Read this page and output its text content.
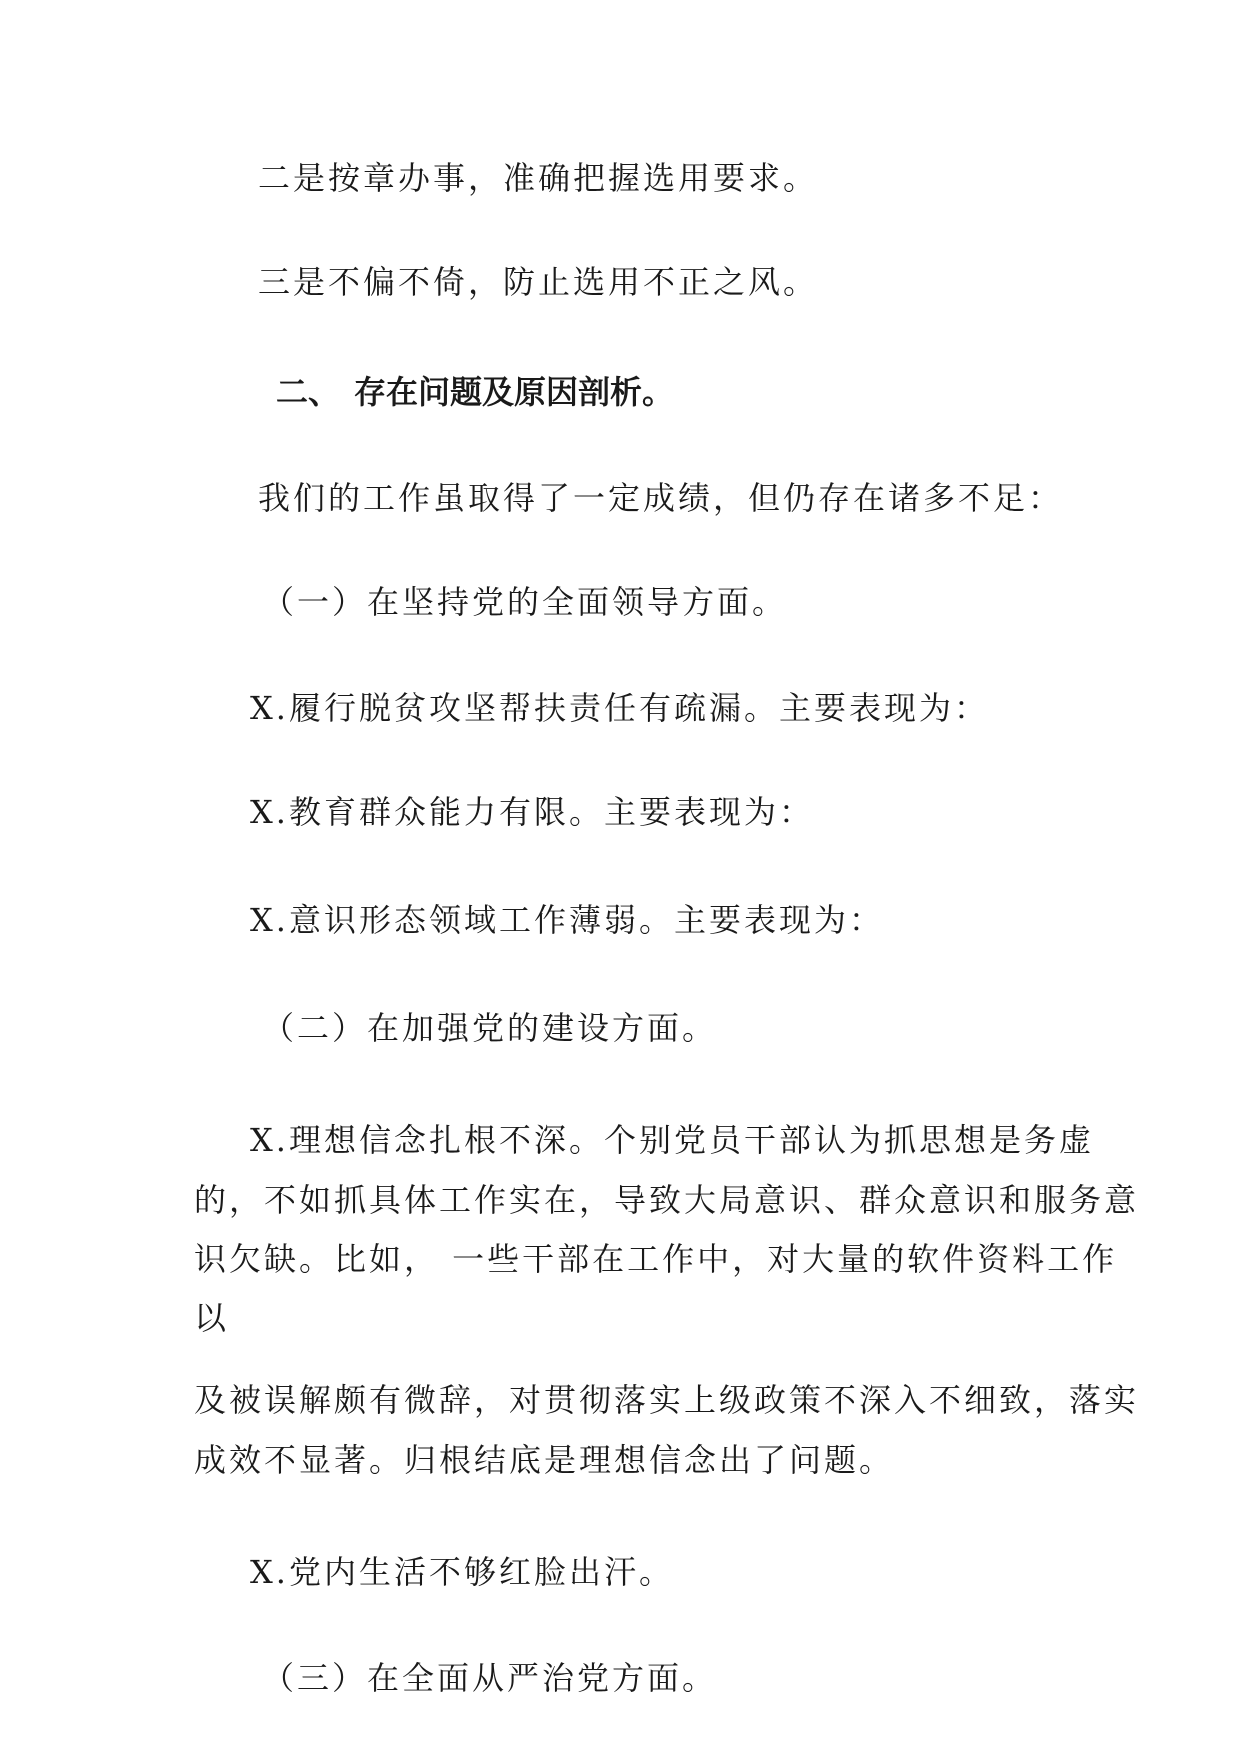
二是按章办事，准确把握选用要求。
三是不偏不倚，防止选用不正之风。
二、 存在问题及原因剖析。
我们的工作虽取得了一定成绩，但仍存在诸多不足：
（一）在坚持党的全面领导方面。
X.履行脱贫攻坚帮扶责任有疏漏。主要表现为：
X.教育群众能力有限。主要表现为：
X.意识形态领域工作薄弱。主要表现为：
（二）在加强党的建设方面。
X.理想信念扎根不深。个别党员干部认为抓思想是务虚
的，不如抓具体工作实在，导致大局意识、群众意识和服务意
识欠缺。比如， 一些干部在工作中，对大量的软件资料工作
以
及被误解颇有微辞，对贯彻落实上级政策不深入不细致，落实
成效不显著。归根结底是理想信念出了问题。
X.党内生活不够红脸出汗。
（三）在全面从严治党方面。
